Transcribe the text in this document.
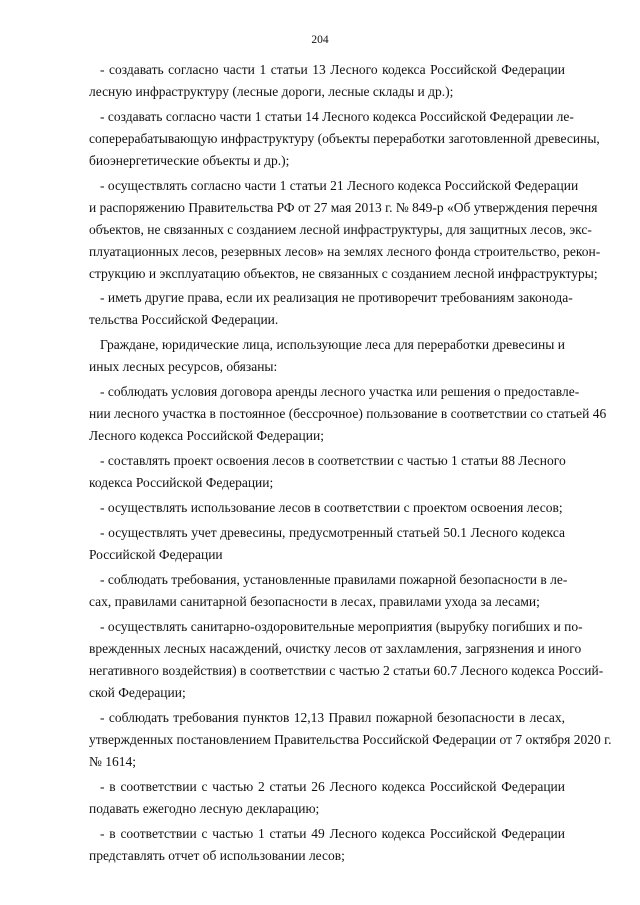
204
- создавать согласно части 1 статьи 13 Лесного кодекса Российской Федерации
лесную инфраструктуру (лесные дороги, лесные склады и др.);
- создавать согласно части 1 статьи 14 Лесного кодекса Российской Федерации ле-
соперерабатывающую инфраструктуру (объекты переработки заготовленной древесины,
биоэнергетические объекты и др.);
- осуществлять согласно части 1 статьи 21 Лесного кодекса Российской Федерации
и распоряжению Правительства РФ от 27 мая 2013 г. № 849-р «Об утверждения перечня
объектов, не связанных с созданием лесной инфраструктуры, для защитных лесов, экс-
плуатационных лесов, резервных лесов» на землях лесного фонда строительство, рекон-
струкцию и эксплуатацию объектов, не связанных с созданием лесной инфраструктуры;
- иметь другие права, если их реализация не противоречит требованиям законода-
тельства Российской Федерации.
Граждане, юридические лица, использующие леса для переработки древесины и
иных лесных ресурсов, обязаны:
- соблюдать условия договора аренды лесного участка или решения о предоставле-
нии лесного участка в постоянное (бессрочное) пользование в соответствии со статьей 46
Лесного кодекса Российской Федерации;
- составлять проект освоения лесов в соответствии с частью 1 статьи 88 Лесного
кодекса Российской Федерации;
- осуществлять использование лесов в соответствии с проектом освоения лесов;
- осуществлять учет древесины, предусмотренный статьей 50.1 Лесного кодекса
Российской Федерации
- соблюдать требования, установленные правилами пожарной безопасности в ле-
сах, правилами санитарной безопасности в лесах, правилами ухода за лесами;
- осуществлять санитарно-оздоровительные мероприятия (вырубку погибших и по-
врежденных лесных насаждений, очистку лесов от захламления, загрязнения и иного
негативного воздействия) в соответствии с частью 2 статьи 60.7 Лесного кодекса Россий-
ской Федерации;
- соблюдать требования пунктов 12,13 Правил пожарной безопасности в лесах,
утвержденных постановлением Правительства Российской Федерации от 7 октября 2020 г.
№ 1614;
- в соответствии с частью 2 статьи 26 Лесного кодекса Российской Федерации
подавать ежегодно лесную декларацию;
- в соответствии с частью 1 статьи 49 Лесного кодекса Российской Федерации
представлять отчет об использовании лесов;
